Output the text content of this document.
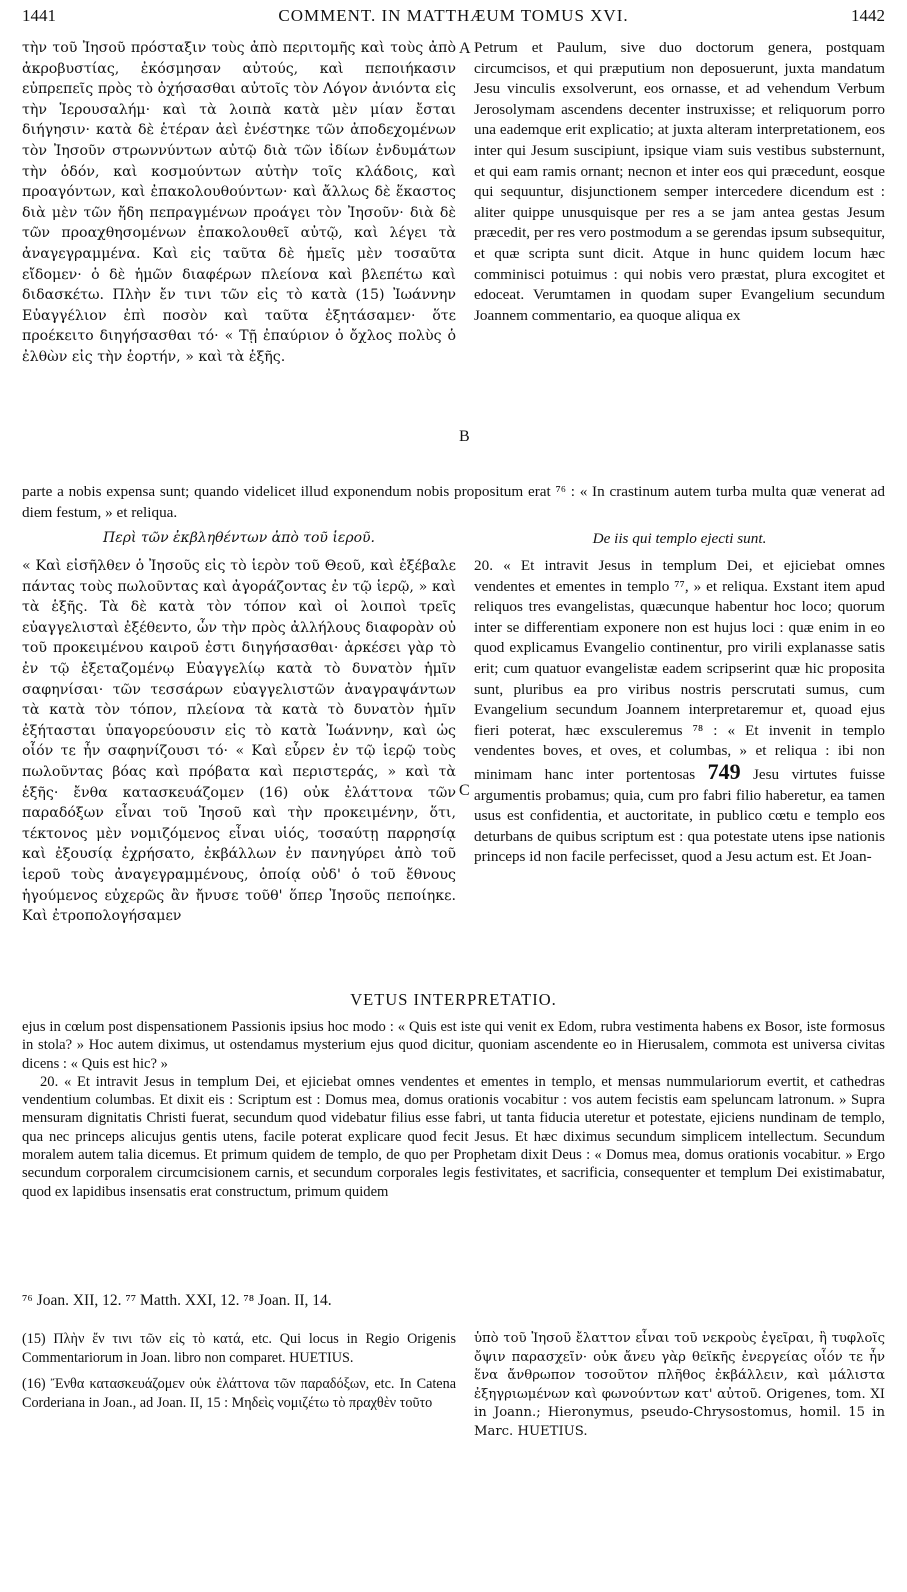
1441	COMMENT. IN MATTHÆUM TOMUS XVI.	1442
A
B
C

τὴν τοῦ Ἰησοῦ πρόσταξιν τοὺς ἀπὸ περιτομῆς καὶ τοὺς ἀπὸ ἀκροβυστίας, ἐκόσμησαν αὐτούς, καὶ πεποιήκασιν εὐπρεπεῖς πρὸς τὸ ὀχήσασθαι αὐτοῖς τὸν Λόγον ἀνιόντα εἰς τὴν Ἱερουσαλήμ· καὶ τὰ λοιπὰ κατὰ μὲν μίαν ἔσται διήγησιν· κατὰ δὲ ἑτέραν ἀεὶ ἐνέστηκε τῶν ἀποδεχομένων τὸν Ἰησοῦν στρωννύντων αὐτῷ διὰ τῶν ἰδίων ἐνδυμάτων τὴν ὁδόν, καὶ κοσμούντων αὐτὴν τοῖς κλάδοις, καὶ προαγόντων, καὶ ἐπακολουθούντων· καὶ ἄλλως δὲ ἕκαστος διὰ μὲν τῶν ἤδη πεπραγμένων προάγει τὸν Ἰησοῦν· διὰ δὲ τῶν προαχθησομένων ἐπακολουθεῖ αὐτῷ, καὶ λέγει τὰ ἀναγεγραμμένα. Καὶ εἰς ταῦτα δὲ ἡμεῖς μὲν τοσαῦτα εἴδομεν· ὁ δὲ ἡμῶν διαφέρων πλείονα καὶ βλεπέτω καὶ διδασκέτω. Πλὴν ἔν τινι τῶν εἰς τὸ κατὰ (15) Ἰωάννην Εὐαγγέλιον ἐπὶ ποσὸν καὶ ταῦτα ἐξητάσαμεν· ὅτε προέκειτο διηγήσασθαι τό· « Τῇ ἐπαύριον ὁ ὄχλος πολὺς ὁ ἐλθὼν εἰς τὴν ἑορτήν, » καὶ τὰ ἑξῆς.

Petrum et Paulum, sive duo doctorum genera, postquam circumcisos, et qui præputium non deposuerunt, juxta mandatum Jesu vinculis exsolverunt, eos ornasse, et ad vehendum Verbum Jerosolymam ascendens decenter instruxisse; et reliquorum porro una eademque erit explicatio; at juxta alteram interpretationem, eos inter qui Jesum suscipiunt, ipsique viam suis vestibus substernunt, et qui eam ramis ornant; necnon et inter eos qui præcedunt, eosque qui sequuntur, disjunctionem semper intercedere dicendum est : aliter quippe unusquisque per res a se jam antea gestas Jesum præcedit, per res vero postmodum a se gerendas ipsum subsequitur, et quæ scripta sunt dicit. Atque in hunc quidem locum hæc comminisci potuimus : qui nobis vero præstat, plura excogitet et edoceat. Verumtamen in quodam super Evangelium secundum Joannem commentario, ea quoque aliqua ex

parte a nobis expensa sunt; quando videlicet illud exponendum nobis propositum erat ⁷⁶ : « In crastinum autem turba multa quæ venerat ad diem festum, » et reliqua.

Περὶ τῶν ἐκβληθέντων ἀπὸ τοῦ ἱεροῦ.	De iis qui templo ejecti sunt.

« Καὶ εἰσῆλθεν ὁ Ἰησοῦς εἰς τὸ ἱερὸν τοῦ Θεοῦ, καὶ ἐξέβαλε πάντας τοὺς πωλοῦντας καὶ ἀγοράζοντας ἐν τῷ ἱερῷ, » καὶ τὰ ἑξῆς. Τὰ δὲ κατὰ τὸν τόπον καὶ οἱ λοιποὶ τρεῖς εὐαγγελισταὶ ἐξέθεντο, ὧν τὴν πρὸς ἀλλήλους διαφορὰν οὐ τοῦ προκειμένου καιροῦ ἐστι διηγήσασθαι· ἀρκέσει γὰρ τὸ ἐν τῷ ἐξεταζομένῳ Εὐαγγελίῳ κατὰ τὸ δυνατὸν ἡμῖν σαφηνίσαι· τῶν τεσσάρων εὐαγγελιστῶν ἀναγραψάντων τὰ κατὰ τὸν τόπον, πλείονα τὰ κατὰ τὸ δυνατὸν ἡμῖν ἐξήτασται ὑπαγορεύουσιν εἰς τὸ κατὰ Ἰωάννην, καὶ ὡς οἷόν τε ἦν σαφηνίζουσι τό· « Καὶ εὗρεν ἐν τῷ ἱερῷ τοὺς πωλοῦντας βόας καὶ πρόβατα καὶ περιστεράς, » καὶ τὰ ἑξῆς· ἔνθα κατασκευάζομεν (16) οὐκ ἐλάττονα τῶν παραδόξων εἶναι τοῦ Ἰησοῦ καὶ τὴν προκειμένην, ὅτι, τέκτονος μὲν νομιζόμενος εἶναι υἱός, τοσαύτῃ παρρησίᾳ καὶ ἐξουσίᾳ ἐχρήσατο, ἐκβάλλων ἐν πανηγύρει ἀπὸ τοῦ ἱεροῦ τοὺς ἀναγεγραμμένους, ὁποίᾳ οὐδ' ὁ τοῦ ἔθνους ἡγούμενος εὐχερῶς ἂν ἤνυσε τοῦθ' ὅπερ Ἰησοῦς πεποίηκε. Καὶ ἐτροπολογήσαμεν

20. « Et intravit Jesus in templum Dei, et ejiciebat omnes vendentes et ementes in templo ⁷⁷, » et reliqua. Exstant item apud reliquos tres evangelistas, quæcunque habentur hoc loco; quorum inter se differentiam exponere non est hujus loci : quæ enim in eo quod explicamus Evangelio continentur, pro virili explanasse satis erit; cum quatuor evangelistæ eadem scripserint quæ hic proposita sunt, pluribus ea pro viribus nostris perscrutati sumus, cum Evangelium secundum Joannem interpretaremur et, quoad ejus fieri poterat, hæc exsculeremus ⁷⁸ : « Et invenit in templo vendentes boves, et oves, et columbas, » et reliqua : ibi non minimam hanc inter portentosas 749 Jesu virtutes fuisse argumentis probamus; quia, cum pro fabri filio haberetur, ea tamen usus est confidentia, et auctoritate, in publico cœtu e templo eos deturbans de quibus scriptum est : qua potestate utens ipse nationis princeps id non facile perfecisset, quod a Jesu actum est. Et Joan-

VETUS INTERPRETATIO.

ejus in cœlum post dispensationem Passionis ipsius hoc modo : « Quis est iste qui venit ex Edom, rubra vestimenta habens ex Bosor, iste formosus in stola? » Hoc autem diximus, ut ostendamus mysterium ejus quod dicitur, quoniam ascendente eo in Hierusalem, commota est universa civitas dicens : « Quis est hic? »

20. « Et intravit Jesus in templum Dei, et ejiciebat omnes vendentes et ementes in templo, et mensas nummulariorum evertit, et cathedras vendentium columbas. Et dixit eis : Scriptum est : Domus mea, domus orationis vocabitur : vos autem fecistis eam speluncam latronum. » Supra mensuram dignitatis Christi fuerat, secundum quod videbatur filius esse fabri, ut tanta fiducia uteretur et potestate, ejiciens nundinam de templo, qua nec princeps alicujus gentis utens, facile poterat explicare quod fecit Jesus. Et hæc diximus secundum simplicem intellectum. Secundum moralem autem talia dicemus. Et primum quidem de templo, de quo per Prophetam dixit Deus : « Domus mea, domus orationis vocabitur. » Ergo secundum corporalem circumcisionem carnis, et secundum corporales legis festivitates, et sacrificia, consequenter et templum Dei existimabatur, quod ex lapidibus insensatis erat constructum, primum quidem

⁷⁶ Joan. XII, 12. ⁷⁷ Matth. XXI, 12. ⁷⁸ Joan. II, 14.

(15) Πλὴν ἔν τινι τῶν εἰς τὸ κατά, etc. Qui locus in Regio Origenis Commentariorum in Joan. libro non comparet. HUETIUS.

(16) Ἔνθα κατασκευάζομεν οὐκ ἐλάττονα τῶν παραδόξων, etc. In Catena Corderiana in Joan., ad Joan. II, 15 : Μηδεὶς νομιζέτω τὸ πραχθὲν τοῦτο

ὑπὸ τοῦ Ἰησοῦ ἔλαττον εἶναι τοῦ νεκροὺς ἐγεῖραι, ἢ τυφλοῖς ὄψιν παρασχεῖν· οὐκ ἄνευ γὰρ θεϊκῆς ἐνεργείας οἷόν τε ἦν ἕνα ἄνθρωπον τοσοῦτον πλῆθος ἐκβάλλειν, καὶ μάλιστα ἐξηγριωμένων καὶ φωνούντων κατ' αὐτοῦ. Origenes, tom. XI in Joann.; Hieronymus, pseudo-Chrysostomus, homil. 15 in Marc. HUETIUS.
